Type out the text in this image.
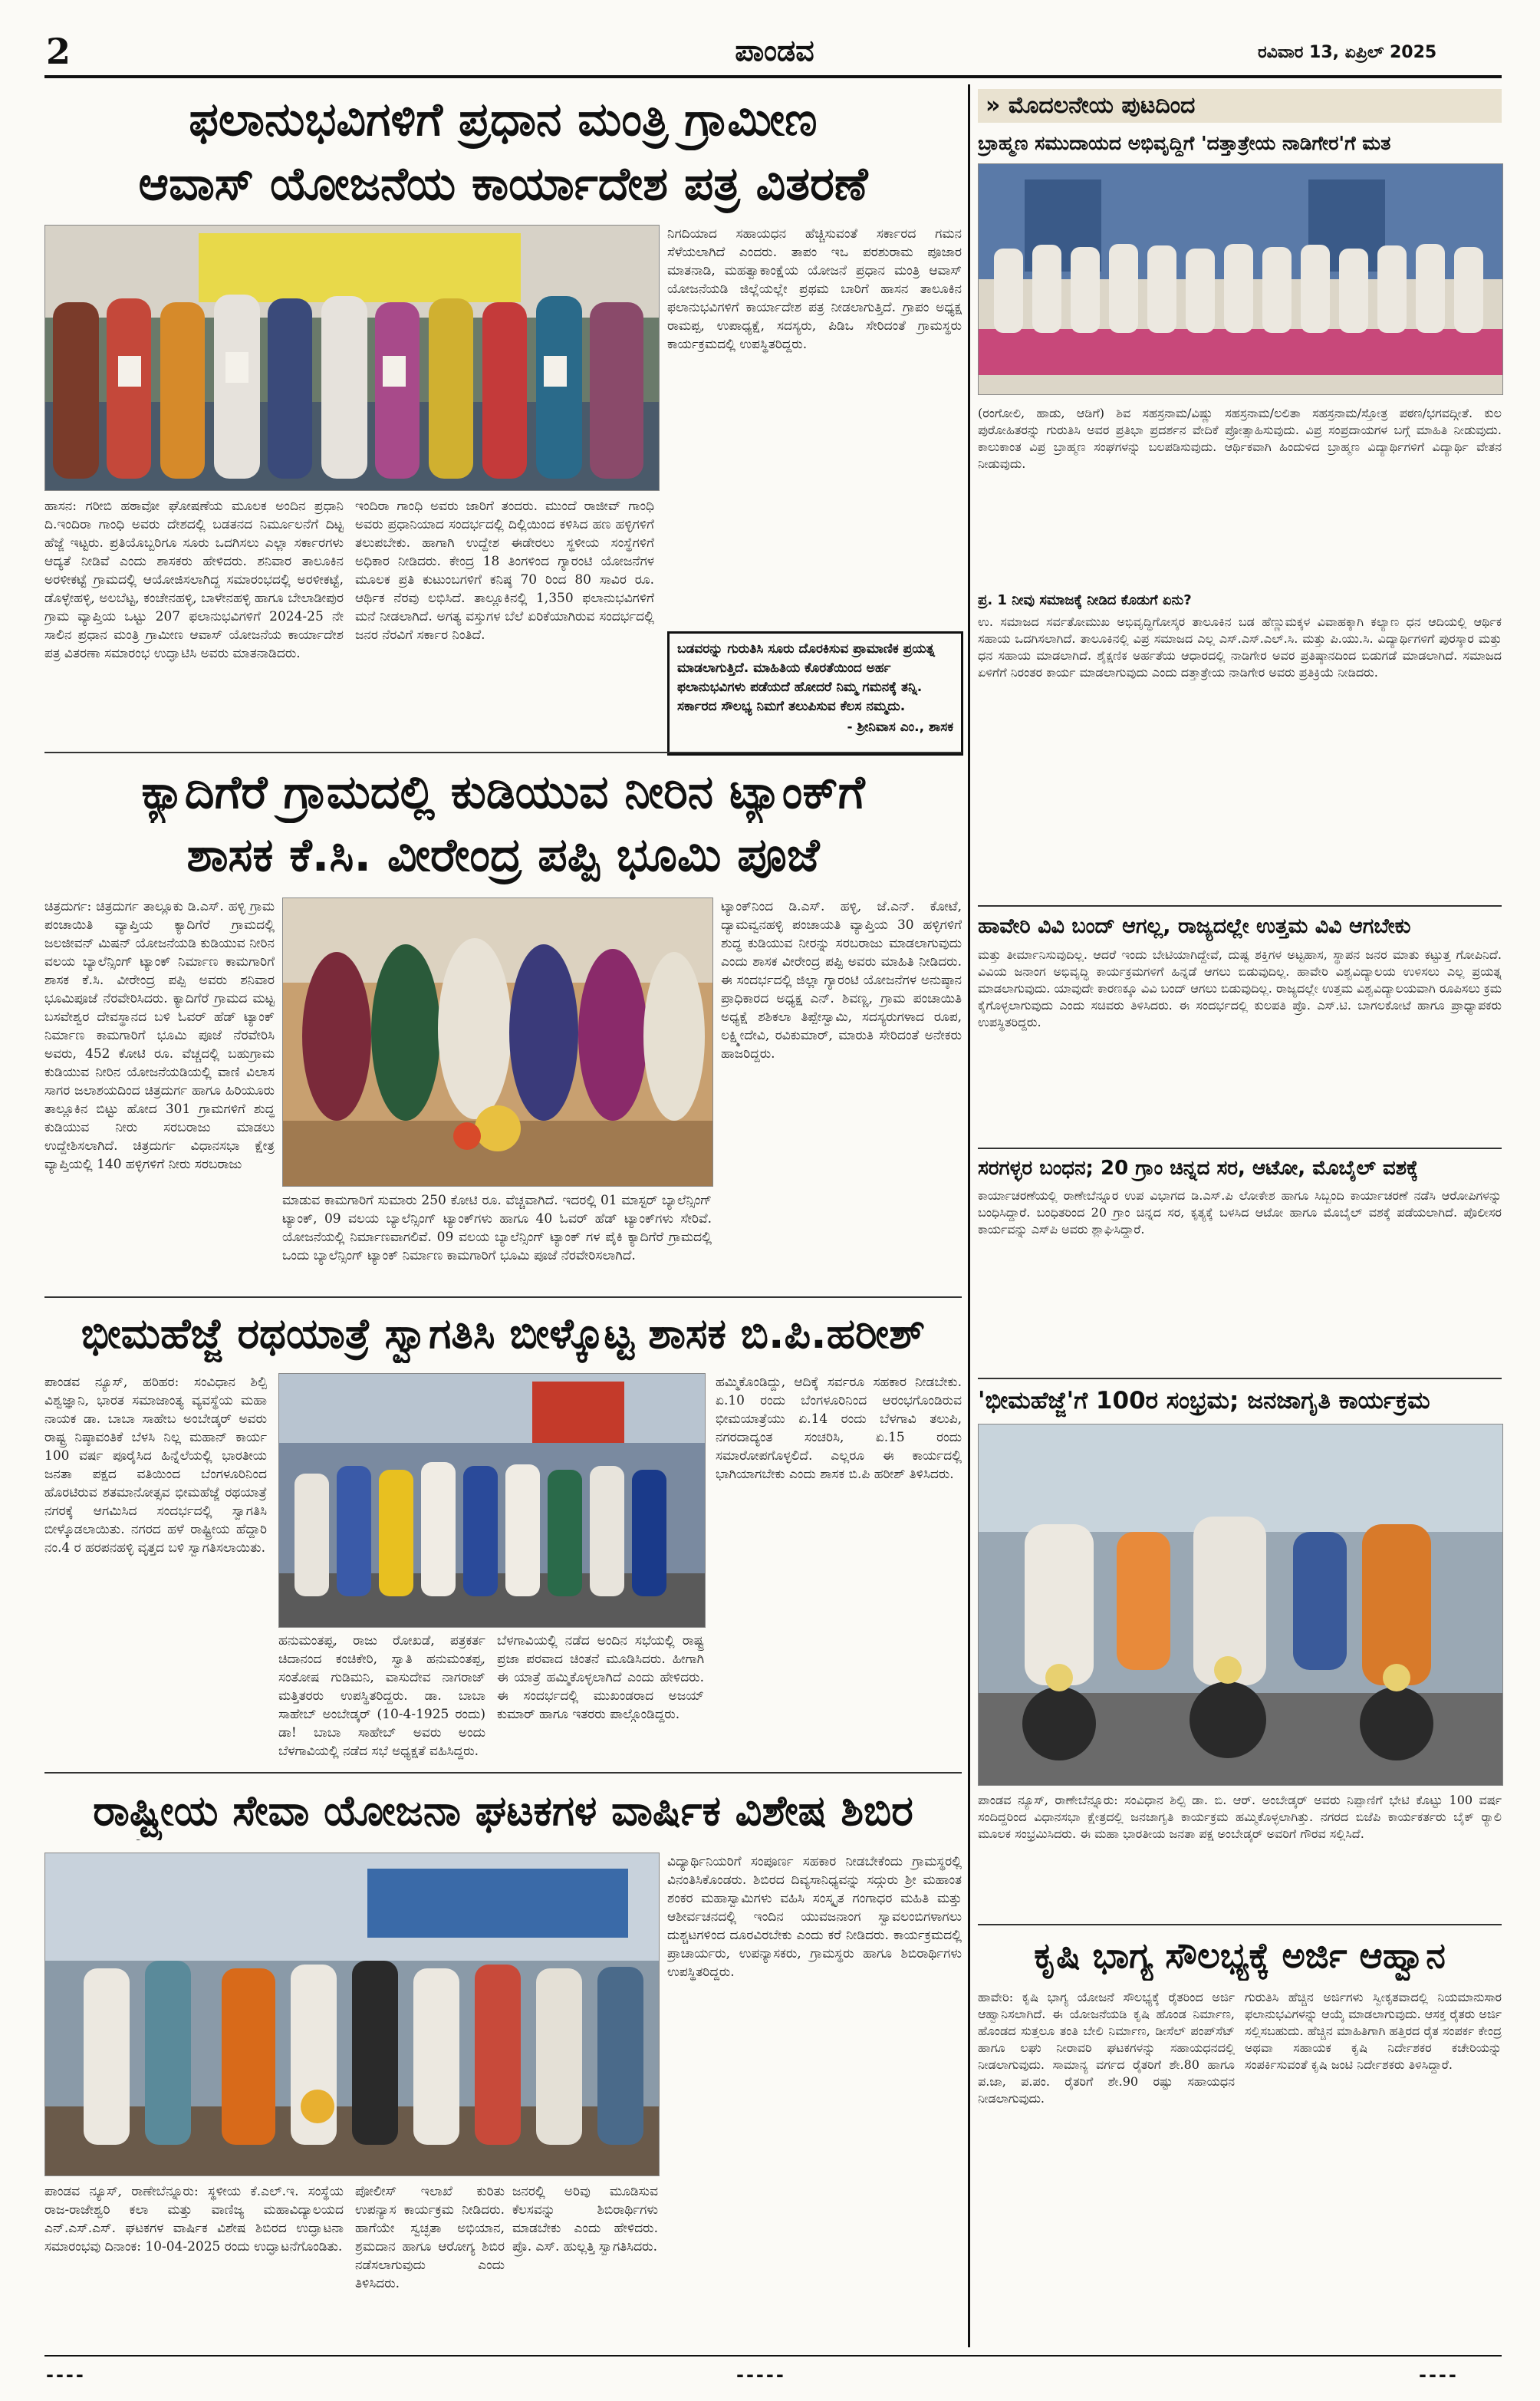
2	ಪಾಂಡವ	ರವಿವಾರ 13, ಏಪ್ರಿಲ್ 2025
ಫಲಾನುಭವಿಗಳಿಗೆ ಪ್ರಧಾನ ಮಂತ್ರಿ ಗ್ರಾಮೀಣ
ಆವಾಸ್ ಯೋಜನೆಯ ಕಾರ್ಯಾದೇಶ ಪತ್ರ ವಿತರಣೆ
ನಿಗದಿಯಾದ ಸಹಾಯಧನ ಹೆಚ್ಚಿಸುವಂತೆ ಸರ್ಕಾರದ ಗಮನ ಸೆಳೆಯಲಾಗಿದೆ ಎಂದರು. ತಾಪಂ ಇಒ ಪರಶುರಾಮ ಪೂಜಾರ ಮಾತನಾಡಿ, ಮಹತ್ವಾಕಾಂಕ್ಷೆಯ ಯೋಜನೆ ಪ್ರಧಾನ ಮಂತ್ರಿ ಆವಾಸ್ ಯೋಜನೆಯಡಿ ಜಿಲ್ಲೆಯಲ್ಲೇ ಪ್ರಥಮ ಬಾರಿಗೆ ಹಾಸನ ತಾಲೂಕಿನ ಫಲಾನುಭವಿಗಳಿಗೆ ಕಾರ್ಯಾದೇಶ ಪತ್ರ ನೀಡಲಾಗುತ್ತಿದೆ. ಗ್ರಾಪಂ ಅಧ್ಯಕ್ಷ ರಾಮಪ್ಪ, ಉಪಾಧ್ಯಕ್ಷೆ, ಸದಸ್ಯರು, ಪಿಡಿಒ ಸೇರಿದಂತೆ ಗ್ರಾಮಸ್ಥರು ಕಾರ್ಯಕ್ರಮದಲ್ಲಿ ಉಪಸ್ಥಿತರಿದ್ದರು.
ಹಾಸನ: ಗರೀಬಿ ಹಠಾವೋ ಘೋಷಣೆಯ ಮೂಲಕ ಅಂದಿನ ಪ್ರಧಾನಿ ದಿ.ಇಂದಿರಾ ಗಾಂಧಿ ಅವರು ದೇಶದಲ್ಲಿ ಬಡತನದ ನಿರ್ಮೂಲನೆಗೆ ದಿಟ್ಟ ಹೆಜ್ಜೆ ಇಟ್ಟರು. ಪ್ರತಿಯೊಬ್ಬರಿಗೂ ಸೂರು ಒದಗಿಸಲು ಎಲ್ಲಾ ಸರ್ಕಾರಗಳು ಆದ್ಯತೆ ನೀಡಿವೆ ಎಂದು ಶಾಸಕರು ಹೇಳಿದರು. ಶನಿವಾರ ತಾಲೂಕಿನ ಅರಳೀಕಟ್ಟೆ ಗ್ರಾಮದಲ್ಲಿ ಆಯೋಜಿಸಲಾಗಿದ್ದ ಸಮಾರಂಭದಲ್ಲಿ ಅರಳೀಕಟ್ಟೆ, ಡೊಳ್ಳೇಹಳ್ಳಿ, ಅಲಬೆಟ್ಟ, ಕಂಚೇನಹಳ್ಳಿ, ಬಾಳೇನಹಳ್ಳಿ ಹಾಗೂ ಬೇಲಾಡೀಪುರ ಗ್ರಾಮ ವ್ಯಾಪ್ತಿಯ ಒಟ್ಟು 207 ಫಲಾನುಭವಿಗಳಿಗೆ 2024-25 ನೇ ಸಾಲಿನ ಪ್ರಧಾನ ಮಂತ್ರಿ ಗ್ರಾಮೀಣ ಆವಾಸ್ ಯೋಜನೆಯ ಕಾರ್ಯಾದೇಶ ಪತ್ರ ವಿತರಣಾ ಸಮಾರಂಭ ಉದ್ಘಾಟಿಸಿ ಅವರು ಮಾತನಾಡಿದರು.
ಇಂದಿರಾ ಗಾಂಧಿ ಅವರು ಜಾರಿಗೆ ತಂದರು. ಮುಂದೆ ರಾಜೀವ್ ಗಾಂಧಿ ಅವರು ಪ್ರಧಾನಿಯಾದ ಸಂದರ್ಭದಲ್ಲಿ ದಿಲ್ಲಿಯಿಂದ ಕಳಿಸಿದ ಹಣ ಹಳ್ಳಿಗಳಿಗೆ ತಲುಪಬೇಕು. ಹಾಗಾಗಿ ಉದ್ದೇಶ ಈಡೇರಲು ಸ್ಥಳೀಯ ಸಂಸ್ಥೆಗಳಿಗೆ ಅಧಿಕಾರ ನೀಡಿದರು. ಕೇಂದ್ರ 18 ತಿಂಗಳಿಂದ ಗ್ಯಾರಂಟಿ ಯೋಜನೆಗಳ ಮೂಲಕ ಪ್ರತಿ ಕುಟುಂಬಗಳಿಗೆ ಕನಿಷ್ಠ 70 ರಿಂದ 80 ಸಾವಿರ ರೂ. ಆರ್ಥಿಕ ನೆರವು ಲಭಿಸಿದೆ. ತಾಲ್ಲೂಕಿನಲ್ಲಿ 1,350 ಫಲಾನುಭವಿಗಳಿಗೆ ಮನೆ ನೀಡಲಾಗಿದೆ. ಅಗತ್ಯ ವಸ್ತುಗಳ ಬೆಲೆ ಏರಿಕೆಯಾಗಿರುವ ಸಂದರ್ಭದಲ್ಲಿ ಜನರ ನೆರವಿಗೆ ಸರ್ಕಾರ ನಿಂತಿದೆ.
ಬಡವರನ್ನು ಗುರುತಿಸಿ ಸೂರು ದೊರಕಿಸುವ ಪ್ರಾಮಾಣಿಕ ಪ್ರಯತ್ನ ಮಾಡಲಾಗುತ್ತಿದೆ. ಮಾಹಿತಿಯ ಕೊರತೆಯಿಂದ ಅರ್ಹ ಫಲಾನುಭವಿಗಳು ಪಡೆಯದೆ ಹೋದರೆ ನಿಮ್ಮ ಗಮನಕ್ಕೆ ತನ್ನಿ. ಸರ್ಕಾರದ ಸೌಲಭ್ಯ ನಿಮಗೆ ತಲುಪಿಸುವ ಕೆಲಸ ನಮ್ಮದು.
- ಶ್ರೀನಿವಾಸ ಎಂ., ಶಾಸಕ
ಕ್ಯಾದಿಗೆರೆ ಗ್ರಾಮದಲ್ಲಿ ಕುಡಿಯುವ ನೀರಿನ ಟ್ಯಾಂಕ್‌ಗೆ
ಶಾಸಕ ಕೆ.ಸಿ. ವೀರೇಂದ್ರ ಪಪ್ಪಿ ಭೂಮಿ ಪೂಜೆ
ಚಿತ್ರದುರ್ಗ: ಚಿತ್ರದುರ್ಗ ತಾಲ್ಲೂಕು ಡಿ.ಎಸ್. ಹಳ್ಳಿ ಗ್ರಾಮ ಪಂಚಾಯಿತಿ ವ್ಯಾಪ್ತಿಯ ಕ್ಯಾದಿಗೆರೆ ಗ್ರಾಮದಲ್ಲಿ ಜಲಜೀವನ್ ಮಿಷನ್ ಯೋಜನೆಯಡಿ ಕುಡಿಯುವ ನೀರಿನ ವಲಯ ಬ್ಯಾಲೆನ್ಸಿಂಗ್ ಟ್ಯಾಂಕ್ ನಿರ್ಮಾಣ ಕಾಮಗಾರಿಗೆ ಶಾಸಕ ಕೆ.ಸಿ. ವೀರೇಂದ್ರ ಪಪ್ಪಿ ಅವರು ಶನಿವಾರ ಭೂಮಿಪೂಜೆ ನೆರವೇರಿಸಿದರು. ಕ್ಯಾದಿಗೆರೆ ಗ್ರಾಮದ ಮಟ್ಟ ಬಸವೇಶ್ವರ ದೇವಸ್ಥಾನದ ಬಳಿ ಓವರ್ ಹೆಡ್ ಟ್ಯಾಂಕ್ ನಿರ್ಮಾಣ ಕಾಮಗಾರಿಗೆ ಭೂಮಿ ಪೂಜೆ ನೆರವೇರಿಸಿ ಅವರು, 452 ಕೋಟಿ ರೂ. ವೆಚ್ಚದಲ್ಲಿ ಬಹುಗ್ರಾಮ ಕುಡಿಯುವ ನೀರಿನ ಯೋಜನೆಯಡಿಯಲ್ಲಿ ವಾಣಿ ವಿಲಾಸ ಸಾಗರ ಜಲಾಶಯದಿಂದ ಚಿತ್ರದುರ್ಗ ಹಾಗೂ ಹಿರಿಯೂರು ತಾಲ್ಲೂಕಿನ ಬಿಟ್ಟು ಹೋದ 301 ಗ್ರಾಮಗಳಿಗೆ ಶುದ್ಧ ಕುಡಿಯುವ ನೀರು ಸರಬರಾಜು ಮಾಡಲು ಉದ್ದೇಶಿಸಲಾಗಿದೆ. ಚಿತ್ರದುರ್ಗ ವಿಧಾನಸಭಾ ಕ್ಷೇತ್ರ ವ್ಯಾಪ್ತಿಯಲ್ಲಿ 140 ಹಳ್ಳಿಗಳಿಗೆ ನೀರು ಸರಬರಾಜು
ಮಾಡುವ ಕಾಮಗಾರಿಗೆ ಸುಮಾರು 250 ಕೋಟಿ ರೂ. ವೆಚ್ಚವಾಗಿದೆ. ಇದರಲ್ಲಿ 01 ಮಾಸ್ಟರ್ ಬ್ಯಾಲೆನ್ಸಿಂಗ್ ಟ್ಯಾಂಕ್, 09 ವಲಯ ಬ್ಯಾಲೆನ್ಸಿಂಗ್ ಟ್ಯಾಂಕ್‌ಗಳು ಹಾಗೂ 40 ಓವರ್ ಹೆಡ್ ಟ್ಯಾಂಕ್‌ಗಳು ಸೇರಿವೆ. ಯೋಜನೆಯಲ್ಲಿ ನಿರ್ಮಾಣವಾಗಲಿವೆ. 09 ವಲಯ ಬ್ಯಾಲೆನ್ಸಿಂಗ್ ಟ್ಯಾಂಕ್ ಗಳ ಪೈಕಿ ಕ್ಯಾದಿಗೆರೆ ಗ್ರಾಮದಲ್ಲಿ ಒಂದು ಬ್ಯಾಲೆನ್ಸಿಂಗ್ ಟ್ಯಾಂಕ್ ನಿರ್ಮಾಣ ಕಾಮಗಾರಿಗೆ ಭೂಮಿ ಪೂಜೆ ನೆರವೇರಿಸಲಾಗಿದೆ.
ಟ್ಯಾಂಕ್‌ನಿಂದ ಡಿ.ಎಸ್. ಹಳ್ಳಿ, ಜೆ.ಎನ್. ಕೋಟೆ, ದ್ಯಾಮವ್ವನಹಳ್ಳಿ ಪಂಚಾಯತಿ ವ್ಯಾಪ್ತಿಯ 30 ಹಳ್ಳಿಗಳಿಗೆ ಶುದ್ಧ ಕುಡಿಯುವ ನೀರನ್ನು ಸರಬರಾಜು ಮಾಡಲಾಗುವುದು ಎಂದು ಶಾಸಕ ವೀರೇಂದ್ರ ಪಪ್ಪಿ ಅವರು ಮಾಹಿತಿ ನೀಡಿದರು. ಈ ಸಂದರ್ಭದಲ್ಲಿ ಜಿಲ್ಲಾ ಗ್ಯಾರಂಟಿ ಯೋಜನೆಗಳ ಅನುಷ್ಠಾನ ಪ್ರಾಧಿಕಾರದ ಅಧ್ಯಕ್ಷ ಎನ್. ಶಿವಣ್ಣ, ಗ್ರಾಮ ಪಂಚಾಯಿತಿ ಅಧ್ಯಕ್ಷೆ ಶಶಿಕಲಾ ತಿಪ್ಪೇಸ್ವಾಮಿ, ಸದಸ್ಯರುಗಳಾದ ರೂಪ, ಲಕ್ಷ್ಮೀದೇವಿ, ರವಿಕುಮಾರ್, ಮಾರುತಿ ಸೇರಿದಂತೆ ಅನೇಕರು ಹಾಜರಿದ್ದರು.
ಭೀಮಹೆಜ್ಜೆ ರಥಯಾತ್ರೆ ಸ್ವಾಗತಿಸಿ ಬೀಳ್ಕೊಟ್ಟ ಶಾಸಕ ಬಿ.ಪಿ.ಹರೀಶ್
ಪಾಂಡವ ನ್ಯೂಸ್, ಹರಿಹರ: ಸಂವಿಧಾನ ಶಿಲ್ಪಿ ವಿಶ್ವಜ್ಞಾನಿ, ಭಾರತ ಸಮಾಜಾಂತ್ಯ ವ್ಯವಸ್ಥೆಯ ಮಹಾ ನಾಯಕ ಡಾ. ಬಾಬಾ ಸಾಹೇಬ ಅಂಬೇಡ್ಕರ್ ಅವರು ರಾಷ್ಟ್ರ ನಿಷ್ಠಾವಂತಿಕೆ ಬೆಳಸಿ ನಿಲ್ಲ ಮಹಾನ್ ಕಾರ್ಯ 100 ವರ್ಷ ಪೂರೈಸಿದ ಹಿನ್ನೆಲೆಯಲ್ಲಿ ಭಾರತೀಯ ಜನತಾ ಪಕ್ಷದ ವತಿಯಿಂದ ಬೆಂಗಳೂರಿನಿಂದ ಹೊರಟಿರುವ ಶತಮಾನೋತ್ಸವ ಭೀಮಹೆಜ್ಜೆ ರಥಯಾತ್ರೆ ನಗರಕ್ಕೆ ಆಗಮಿಸಿದ ಸಂದರ್ಭದಲ್ಲಿ ಸ್ವಾಗತಿಸಿ ಬೀಳ್ಕೊಡಲಾಯಿತು. ನಗರದ ಹಳೆ ರಾಷ್ಟ್ರೀಯ ಹೆದ್ದಾರಿ ನಂ.4 ರ ಹರಪನಹಳ್ಳಿ ವೃತ್ತದ ಬಳಿ ಸ್ವಾಗತಿಸಲಾಯಿತು.
ಹನುಮಂತಪ್ಪ, ರಾಜು ರೋಖಡೆ, ಪತ್ರಕರ್ತ ಚಿದಾನಂದ ಕಂಚಿಕೇರಿ, ಸ್ವಾತಿ ಹನುಮಂತಪ್ಪ, ಸಂತೋಷ ಗುಡಿಮನಿ, ವಾಸುದೇವ ನಾಗರಾಜ್ ಮತ್ತಿತರರು ಉಪಸ್ಥಿತರಿದ್ದರು. ಡಾ. ಬಾಬಾ ಸಾಹೇಬ್ ಅಂಬೇಡ್ಕರ್ (10-4-1925 ರಂದು) ಡಾ! ಬಾಬಾ ಸಾಹೇಬ್ ಅವರು ಅಂದು ಬೆಳಗಾವಿಯಲ್ಲಿ ನಡೆದ ಸಭೆ ಅಧ್ಯಕ್ಷತೆ ವಹಿಸಿದ್ದರು.
ಬೆಳಗಾವಿಯಲ್ಲಿ ನಡೆದ ಅಂದಿನ ಸಭೆಯಲ್ಲಿ ರಾಷ್ಟ್ರ ಪ್ರಜಾ ಪರವಾದ ಚಿಂತನೆ ಮೂಡಿಸಿದರು. ಹೀಗಾಗಿ ಈ ಯಾತ್ರೆ ಹಮ್ಮಿಕೊಳ್ಳಲಾಗಿದೆ ಎಂದು ಹೇಳಿದರು. ಈ ಸಂದರ್ಭದಲ್ಲಿ ಮುಖಂಡರಾದ ಅಜಯ್ ಕುಮಾರ್ ಹಾಗೂ ಇತರರು ಪಾಲ್ಗೊಂಡಿದ್ದರು.
ಹಮ್ಮಿಕೊಂಡಿದ್ದು, ಆದಿಕ್ಕೆ ಸರ್ವರೂ ಸಹಕಾರ ನೀಡಬೇಕು. ಏ.10 ರಂದು ಬೆಂಗಳೂರಿನಿಂದ ಆರಂಭಗೊಂಡಿರುವ ಭೀಮಯಾತ್ರೆಯು ಏ.14 ರಂದು ಬೆಳಗಾವಿ ತಲುಪಿ, ನಗರದಾದ್ಯಂತ ಸಂಚರಿಸಿ, ಏ.15 ರಂದು ಸಮಾರೋಪಗೊಳ್ಳಲಿದೆ. ಎಲ್ಲರೂ ಈ ಕಾರ್ಯದಲ್ಲಿ ಭಾಗಿಯಾಗಬೇಕು ಎಂದು ಶಾಸಕ ಬಿ.ಪಿ ಹರೀಶ್ ತಿಳಿಸಿದರು.
ರಾಷ್ಟ್ರೀಯ ಸೇವಾ ಯೋಜನಾ ಘಟಕಗಳ ವಾರ್ಷಿಕ ವಿಶೇಷ ಶಿಬಿರ
ವಿದ್ಯಾರ್ಥಿನಿಯರಿಗೆ ಸಂಪೂರ್ಣ ಸಹಕಾರ ನೀಡಬೇಕೆಂದು ಗ್ರಾಮಸ್ಥರಲ್ಲಿ ವಿನಂತಿಸಿಕೊಂಡರು. ಶಿಬಿರದ ದಿವ್ಯಸಾನಿಧ್ಯವನ್ನು ಸದ್ಗುರು ಶ್ರೀ ಮಹಾಂತ ಶಂಕರ ಮಹಾಸ್ವಾಮಿಗಳು ವಹಿಸಿ ಸಂಸ್ಕೃತ ಗಂಗಾಧರ ಮಹಿತಿ ಮತ್ತು ಆಶೀರ್ವಚನದಲ್ಲಿ ಇಂದಿನ ಯುವಜನಾಂಗ ಸ್ವಾವಲಂಬಿಗಳಾಗಲು ದುಶ್ಚಟಗಳಿಂದ ದೂರವಿರಬೇಕು ಎಂದು ಕರೆ ನೀಡಿದರು. ಕಾರ್ಯಕ್ರಮದಲ್ಲಿ ಪ್ರಾಚಾರ್ಯರು, ಉಪನ್ಯಾಸಕರು, ಗ್ರಾಮಸ್ಥರು ಹಾಗೂ ಶಿಬಿರಾರ್ಥಿಗಳು ಉಪಸ್ಥಿತರಿದ್ದರು.
ಪಾಂಡವ ನ್ಯೂಸ್, ರಾಣೇಬೆನ್ನೂರು: ಸ್ಥಳೀಯ ಕೆ.ಎಲ್.ಇ. ಸಂಸ್ಥೆಯ ರಾಜ-ರಾಜೇಶ್ವರಿ ಕಲಾ ಮತ್ತು ವಾಣಿಜ್ಯ ಮಹಾವಿದ್ಯಾಲಯದ ಎನ್.ಎಸ್.ಎಸ್. ಘಟಕಗಳ ವಾರ್ಷಿಕ ವಿಶೇಷ ಶಿಬಿರದ ಉದ್ಘಾಟನಾ ಸಮಾರಂಭವು ದಿನಾಂಕ: 10-04-2025 ರಂದು ಉದ್ಘಾಟನೆಗೊಂಡಿತು.
ಪೋಲೀಸ್ ಇಲಾಖೆ ಕುರಿತು ಉಪನ್ಯಾಸ ಕಾರ್ಯಕ್ರಮ ನೀಡಿದರು. ಹಾಗೆಯೇ ಸ್ವಚ್ಛತಾ ಅಭಿಯಾನ, ಶ್ರಮದಾನ ಹಾಗೂ ಆರೋಗ್ಯ ಶಿಬಿರ ನಡೆಸಲಾಗುವುದು ಎಂದು ತಿಳಿಸಿದರು.
ಜನರಲ್ಲಿ ಅರಿವು ಮೂಡಿಸುವ ಕೆಲಸವನ್ನು ಶಿಬಿರಾರ್ಥಿಗಳು ಮಾಡಬೇಕು ಎಂದು ಹೇಳಿದರು. ಪ್ರೊ. ಎಸ್. ಹುಲ್ಲತ್ತಿ ಸ್ವಾಗತಿಸಿದರು.
» ಮೊದಲನೇಯ ಪುಟದಿಂದ
ಬ್ರಾಹ್ಮಣ ಸಮುದಾಯದ ಅಭಿವೃದ್ಧಿಗೆ 'ದತ್ತಾತ್ರೇಯ ನಾಡಿಗೇರ'ಗೆ ಮತ
(ರಂಗೋಲಿ, ಹಾಡು, ಆಡಿಗೆ) ಶಿವ ಸಹಸ್ರನಾಮ/ವಿಷ್ಣು ಸಹಸ್ರನಾಮ/ಲಲಿತಾ ಸಹಸ್ರನಾಮ/ಸ್ತೋತ್ರ ಪಠಣ/ಭಗವದ್ಗೀತೆ. ಕುಲ ಪುರೋಹಿತರನ್ನು ಗುರುತಿಸಿ ಅವರ ಪ್ರತಿಭಾ ಪ್ರದರ್ಶನ ವೇದಿಕೆ ಪ್ರೋತ್ಸಾಹಿಸುವುದು. ವಿಪ್ರ ಸಂಪ್ರದಾಯಗಳ ಬಗ್ಗೆ ಮಾಹಿತಿ ನೀಡುವುದು. ಕಾಲುಕಾಂತ ವಿಪ್ರ ಬ್ರಾಹ್ಮಣ ಸಂಘಗಳನ್ನು ಬಲಪಡಿಸುವುದು. ಆರ್ಥಿಕವಾಗಿ ಹಿಂದುಳಿದ ಬ್ರಾಹ್ಮಣ ವಿದ್ಯಾರ್ಥಿಗಳಿಗೆ ವಿದ್ಯಾರ್ಥಿ ವೇತನ ನೀಡುವುದು.
ಪ್ರ. 1 ನೀವು ಸಮಾಜಕ್ಕೆ ನೀಡಿದ ಕೊಡುಗೆ ಏನು?
ಉ. ಸಮಾಜದ ಸರ್ವತೋಮುಖ ಅಭಿವೃದ್ಧಿಗೋಸ್ಕರ ತಾಲೂಕಿನ ಬಡ ಹೆಣ್ಣುಮಕ್ಕಳ ವಿವಾಹಕ್ಕಾಗಿ ಕಲ್ಯಾಣ ಧನ ಆದಿಯಲ್ಲಿ ಆರ್ಥಿಕ ಸಹಾಯ ಒದಗಿಸಲಾಗಿದೆ. ತಾಲೂಕಿನಲ್ಲಿ ವಿಪ್ರ ಸಮಾಜದ ಎಲ್ಲ ಎಸ್.ಎಸ್.ಎಲ್.ಸಿ. ಮತ್ತು ಪಿ.ಯು.ಸಿ. ವಿದ್ಯಾರ್ಥಿಗಳಿಗೆ ಪುರಸ್ಕಾರ ಮತ್ತು ಧನ ಸಹಾಯ ಮಾಡಲಾಗಿದೆ. ಶೈಕ್ಷಣಿಕ ಅರ್ಹತೆಯ ಆಧಾರದಲ್ಲಿ ನಾಡಿಗೇರ ಅವರ ಪ್ರತಿಷ್ಠಾನದಿಂದ ಬಿಡುಗಡೆ ಮಾಡಲಾಗಿದೆ. ಸಮಾಜದ ಏಳಿಗೆಗೆ ನಿರಂತರ ಕಾರ್ಯ ಮಾಡಲಾಗುವುದು ಎಂದು ದತ್ತಾತ್ರೇಯ ನಾಡಿಗೇರ ಅವರು ಪ್ರತಿಕ್ರಿಯೆ ನೀಡಿದರು.
ಹಾವೇರಿ ವಿವಿ ಬಂದ್ ಆಗಲ್ಲ, ರಾಜ್ಯದಲ್ಲೇ ಉತ್ತಮ ವಿವಿ ಆಗಬೇಕು
ಮತ್ತು ತೀರ್ಮಾನಿಸುವುದಿಲ್ಲ. ಆದರೆ ಇಂದು ಬೇಟಿಯಾಗಿದ್ದೇವೆ, ದುಷ್ಟ ಶಕ್ತಿಗಳ ಅಟ್ಟಹಾಸ, ಸ್ಥಾಪನ ಜನರ ಮಾತು ಕಟ್ಟುತ್ತ ಗೋಪಿನಿದೆ. ವಿವಿಯ ಜನಾಂಗ ಅಭಿವೃದ್ಧಿ ಕಾರ್ಯಕ್ರಮಗಳಿಗೆ ಹಿನ್ನಡೆ ಆಗಲು ಬಿಡುವುದಿಲ್ಲ. ಹಾವೇರಿ ವಿಶ್ವವಿದ್ಯಾಲಯ ಉಳಿಸಲು ಎಲ್ಲ ಪ್ರಯತ್ನ ಮಾಡಲಾಗುವುದು. ಯಾವುದೇ ಕಾರಣಕ್ಕೂ ವಿವಿ ಬಂದ್ ಆಗಲು ಬಿಡುವುದಿಲ್ಲ. ರಾಜ್ಯದಲ್ಲೇ ಉತ್ತಮ ವಿಶ್ವವಿದ್ಯಾಲಯವಾಗಿ ರೂಪಿಸಲು ಕ್ರಮ ಕೈಗೊಳ್ಳಲಾಗುವುದು ಎಂದು ಸಚಿವರು ತಿಳಿಸಿದರು. ಈ ಸಂದರ್ಭದಲ್ಲಿ ಕುಲಪತಿ ಪ್ರೊ. ಎಸ್.ಟಿ. ಬಾಗಲಕೋಟೆ ಹಾಗೂ ಪ್ರಾಧ್ಯಾಪಕರು ಉಪಸ್ಥಿತರಿದ್ದರು.
ಸರಗಳ್ಳರ ಬಂಧನ; 20 ಗ್ರಾಂ ಚಿನ್ನದ ಸರ, ಆಟೋ, ಮೊಬೈಲ್ ವಶಕ್ಕೆ
ಕಾರ್ಯಾಚರಣೆಯಲ್ಲಿ ರಾಣೇಬೆನ್ನೂರ ಉಪ ವಿಭಾಗದ ಡಿ.ಎಸ್.ಪಿ ಲೋಕೇಶ ಹಾಗೂ ಸಿಬ್ಬಂದಿ ಕಾರ್ಯಾಚರಣೆ ನಡೆಸಿ ಆರೋಪಿಗಳನ್ನು ಬಂಧಿಸಿದ್ದಾರೆ. ಬಂಧಿತರಿಂದ 20 ಗ್ರಾಂ ಚಿನ್ನದ ಸರ, ಕೃತ್ಯಕ್ಕೆ ಬಳಸಿದ ಆಟೋ ಹಾಗೂ ಮೊಬೈಲ್ ವಶಕ್ಕೆ ಪಡೆಯಲಾಗಿದೆ. ಪೊಲೀಸರ ಕಾರ್ಯವನ್ನು ಎಸ್‌ಪಿ ಅವರು ಶ್ಲಾಘಿಸಿದ್ದಾರೆ.
'ಭೀಮಹೆಜ್ಜೆ'ಗೆ 100ರ ಸಂಭ್ರಮ; ಜನಜಾಗೃತಿ ಕಾರ್ಯಕ್ರಮ
ಪಾಂಡವ ನ್ಯೂಸ್, ರಾಣೇಬೆನ್ನೂರು: ಸಂವಿಧಾನ ಶಿಲ್ಪಿ ಡಾ. ಬಿ. ಆರ್. ಅಂಬೇಡ್ಕರ್ ಅವರು ನಿಪ್ಪಾಣಿಗೆ ಭೇಟಿ ಕೊಟ್ಟು 100 ವರ್ಷ ಸಂದಿದ್ದರಿಂದ ವಿಧಾನಸಭಾ ಕ್ಷೇತ್ರದಲ್ಲಿ ಜನಜಾಗೃತಿ ಕಾರ್ಯಕ್ರಮ ಹಮ್ಮಿಕೊಳ್ಳಲಾಗಿತ್ತು. ನಗರದ ಬಿಜೆಪಿ ಕಾರ್ಯಕರ್ತರು ಬೈಕ್ ರ್‍ಯಾಲಿ ಮೂಲಕ ಸಂಭ್ರಮಿಸಿದರು. ಈ ಮಹಾ ಭಾರತೀಯ ಜನತಾ ಪಕ್ಷ ಅಂಬೇಡ್ಕರ್ ಅವರಿಗೆ ಗೌರವ ಸಲ್ಲಿಸಿದೆ.
ಕೃಷಿ ಭಾಗ್ಯ ಸೌಲಭ್ಯಕ್ಕೆ ಅರ್ಜಿ ಆಹ್ವಾನ
ಹಾವೇರಿ: ಕೃಷಿ ಭಾಗ್ಯ ಯೋಜನೆ ಸೌಲಭ್ಯಕ್ಕೆ ರೈತರಿಂದ ಅರ್ಜಿ ಆಹ್ವಾನಿಸಲಾಗಿದೆ. ಈ ಯೋಜನೆಯಡಿ ಕೃಷಿ ಹೊಂಡ ನಿರ್ಮಾಣ, ಹೊಂಡದ ಸುತ್ತಲೂ ತಂತಿ ಬೇಲಿ ನಿರ್ಮಾಣ, ಡೀಸೆಲ್ ಪಂಪ್‌ಸೆಟ್ ಹಾಗೂ ಲಘು ನೀರಾವರಿ ಘಟಕಗಳನ್ನು ಸಹಾಯಧನದಲ್ಲಿ ನೀಡಲಾಗುವುದು. ಸಾಮಾನ್ಯ ವರ್ಗದ ರೈತರಿಗೆ ಶೇ.80 ಹಾಗೂ ಪ.ಜಾ, ಪ.ಪಂ. ರೈತರಿಗೆ ಶೇ.90 ರಷ್ಟು ಸಹಾಯಧನ ನೀಡಲಾಗುವುದು.
ಗುರುತಿಸಿ ಹೆಚ್ಚಿನ ಅರ್ಜಿಗಳು ಸ್ವೀಕೃತವಾದಲ್ಲಿ ನಿಯಮಾನುಸಾರ ಫಲಾನುಭವಿಗಳನ್ನು ಆಯ್ಕೆ ಮಾಡಲಾಗುವುದು. ಆಸಕ್ತ ರೈತರು ಅರ್ಜಿ ಸಲ್ಲಿಸಬಹುದು. ಹೆಚ್ಚಿನ ಮಾಹಿತಿಗಾಗಿ ಹತ್ತಿರದ ರೈತ ಸಂಪರ್ಕ ಕೇಂದ್ರ ಅಥವಾ ಸಹಾಯಕ ಕೃಷಿ ನಿರ್ದೇಶಕರ ಕಚೇರಿಯನ್ನು ಸಂಪರ್ಕಿಸುವಂತೆ ಕೃಷಿ ಜಂಟಿ ನಿರ್ದೇಶಕರು ತಿಳಿಸಿದ್ದಾರೆ.
----	-----	----
